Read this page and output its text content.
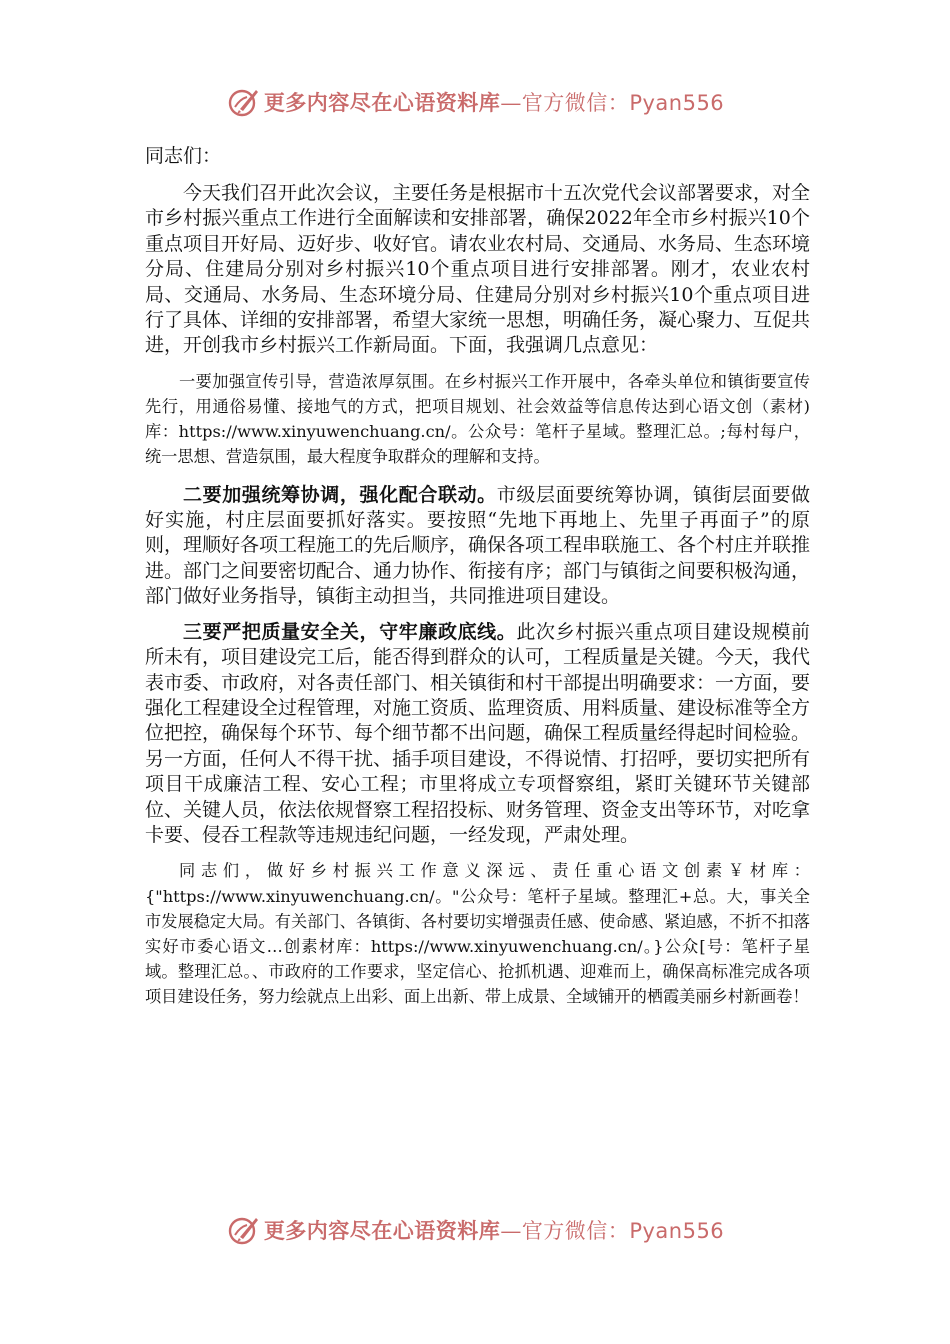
更多内容尽在心语资料库—官方微信：Pyan556

同志们：

今天我们召开此次会议，主要任务是根据市十五次党代会议部署要求，对全市乡村振兴重点工作进行全面解读和安排部署，确保2022年全市乡村振兴10个重点项目开好局、迈好步、收好官。请农业农村局、交通局、水务局、生态环境分局、住建局分别对乡村振兴10个重点项目进行安排部署。刚才，农业农村局、交通局、水务局、生态环境分局、住建局分别对乡村振兴10个重点项目进行了具体、详细的安排部署，希望大家统一思想，明确任务，凝心聚力、互促共进，开创我市乡村振兴工作新局面。下面，我强调几点意见：

一要加强宣传引导，营造浓厚氛围。在乡村振兴工作开展中，各牵头单位和镇街要宣传先行，用通俗易懂、接地气的方式，把项目规划、社会效益等信息传达到心语文创（素材)库：https://www.xinyuwenchuang.cn/。公众号：笔杆子星域。整理汇总。;每村每户，统一思想、营造氛围，最大程度争取群众的理解和支持。

二要加强统筹协调，强化配合联动。市级层面要统筹协调，镇街层面要做好实施，村庄层面要抓好落实。要按照“先地下再地上、先里子再面子”的原则，理顺好各项工程施工的先后顺序，确保各项工程串联施工、各个村庄并联推进。部门之间要密切配合、通力协作、衔接有序；部门与镇街之间要积极沟通，部门做好业务指导，镇街主动担当，共同推进项目建设。

三要严把质量安全关，守牢廉政底线。此次乡村振兴重点项目建设规模前所未有，项目建设完工后，能否得到群众的认可，工程质量是关键。今天，我代表市委、市政府，对各责任部门、相关镇街和村干部提出明确要求：一方面，要强化工程建设全过程管理，对施工资质、监理资质、用料质量、建设标准等全方位把控，确保每个环节、每个细节都不出问题，确保工程质量经得起时间检验。另一方面，任何人不得干扰、插手项目建设，不得说情、打招呼，要切实把所有项目干成廉洁工程、安心工程；市里将成立专项督察组，紧盯关键环节关键部位、关键人员，依法依规督察工程招投标、财务管理、资金支出等环节，对吃拿卡要、侵吞工程款等违规违纪问题，一经发现，严肃处理。

同志们，做好乡村振兴工作意义深远、责任重心语文创素￥材库：{"https://www.xinyuwenchuang.cn/。"公众号：笔杆子星域。整理汇+总。大，事关全市发展稳定大局。有关部门、各镇街、各村要切实增强责任感、使命感、紧迫感，不折不扣落实好市委心语文…创素材库：https://www.xinyuwenchuang.cn/。}公众[号：笔杆子星域。整理汇总。、市政府的工作要求，坚定信心、抢抓机遇、迎难而上，确保高标准完成各项项目建设任务，努力绘就点上出彩、面上出新、带上成景、全域铺开的栖霞美丽乡村新画卷！

更多内容尽在心语资料库—官方微信：Pyan556
